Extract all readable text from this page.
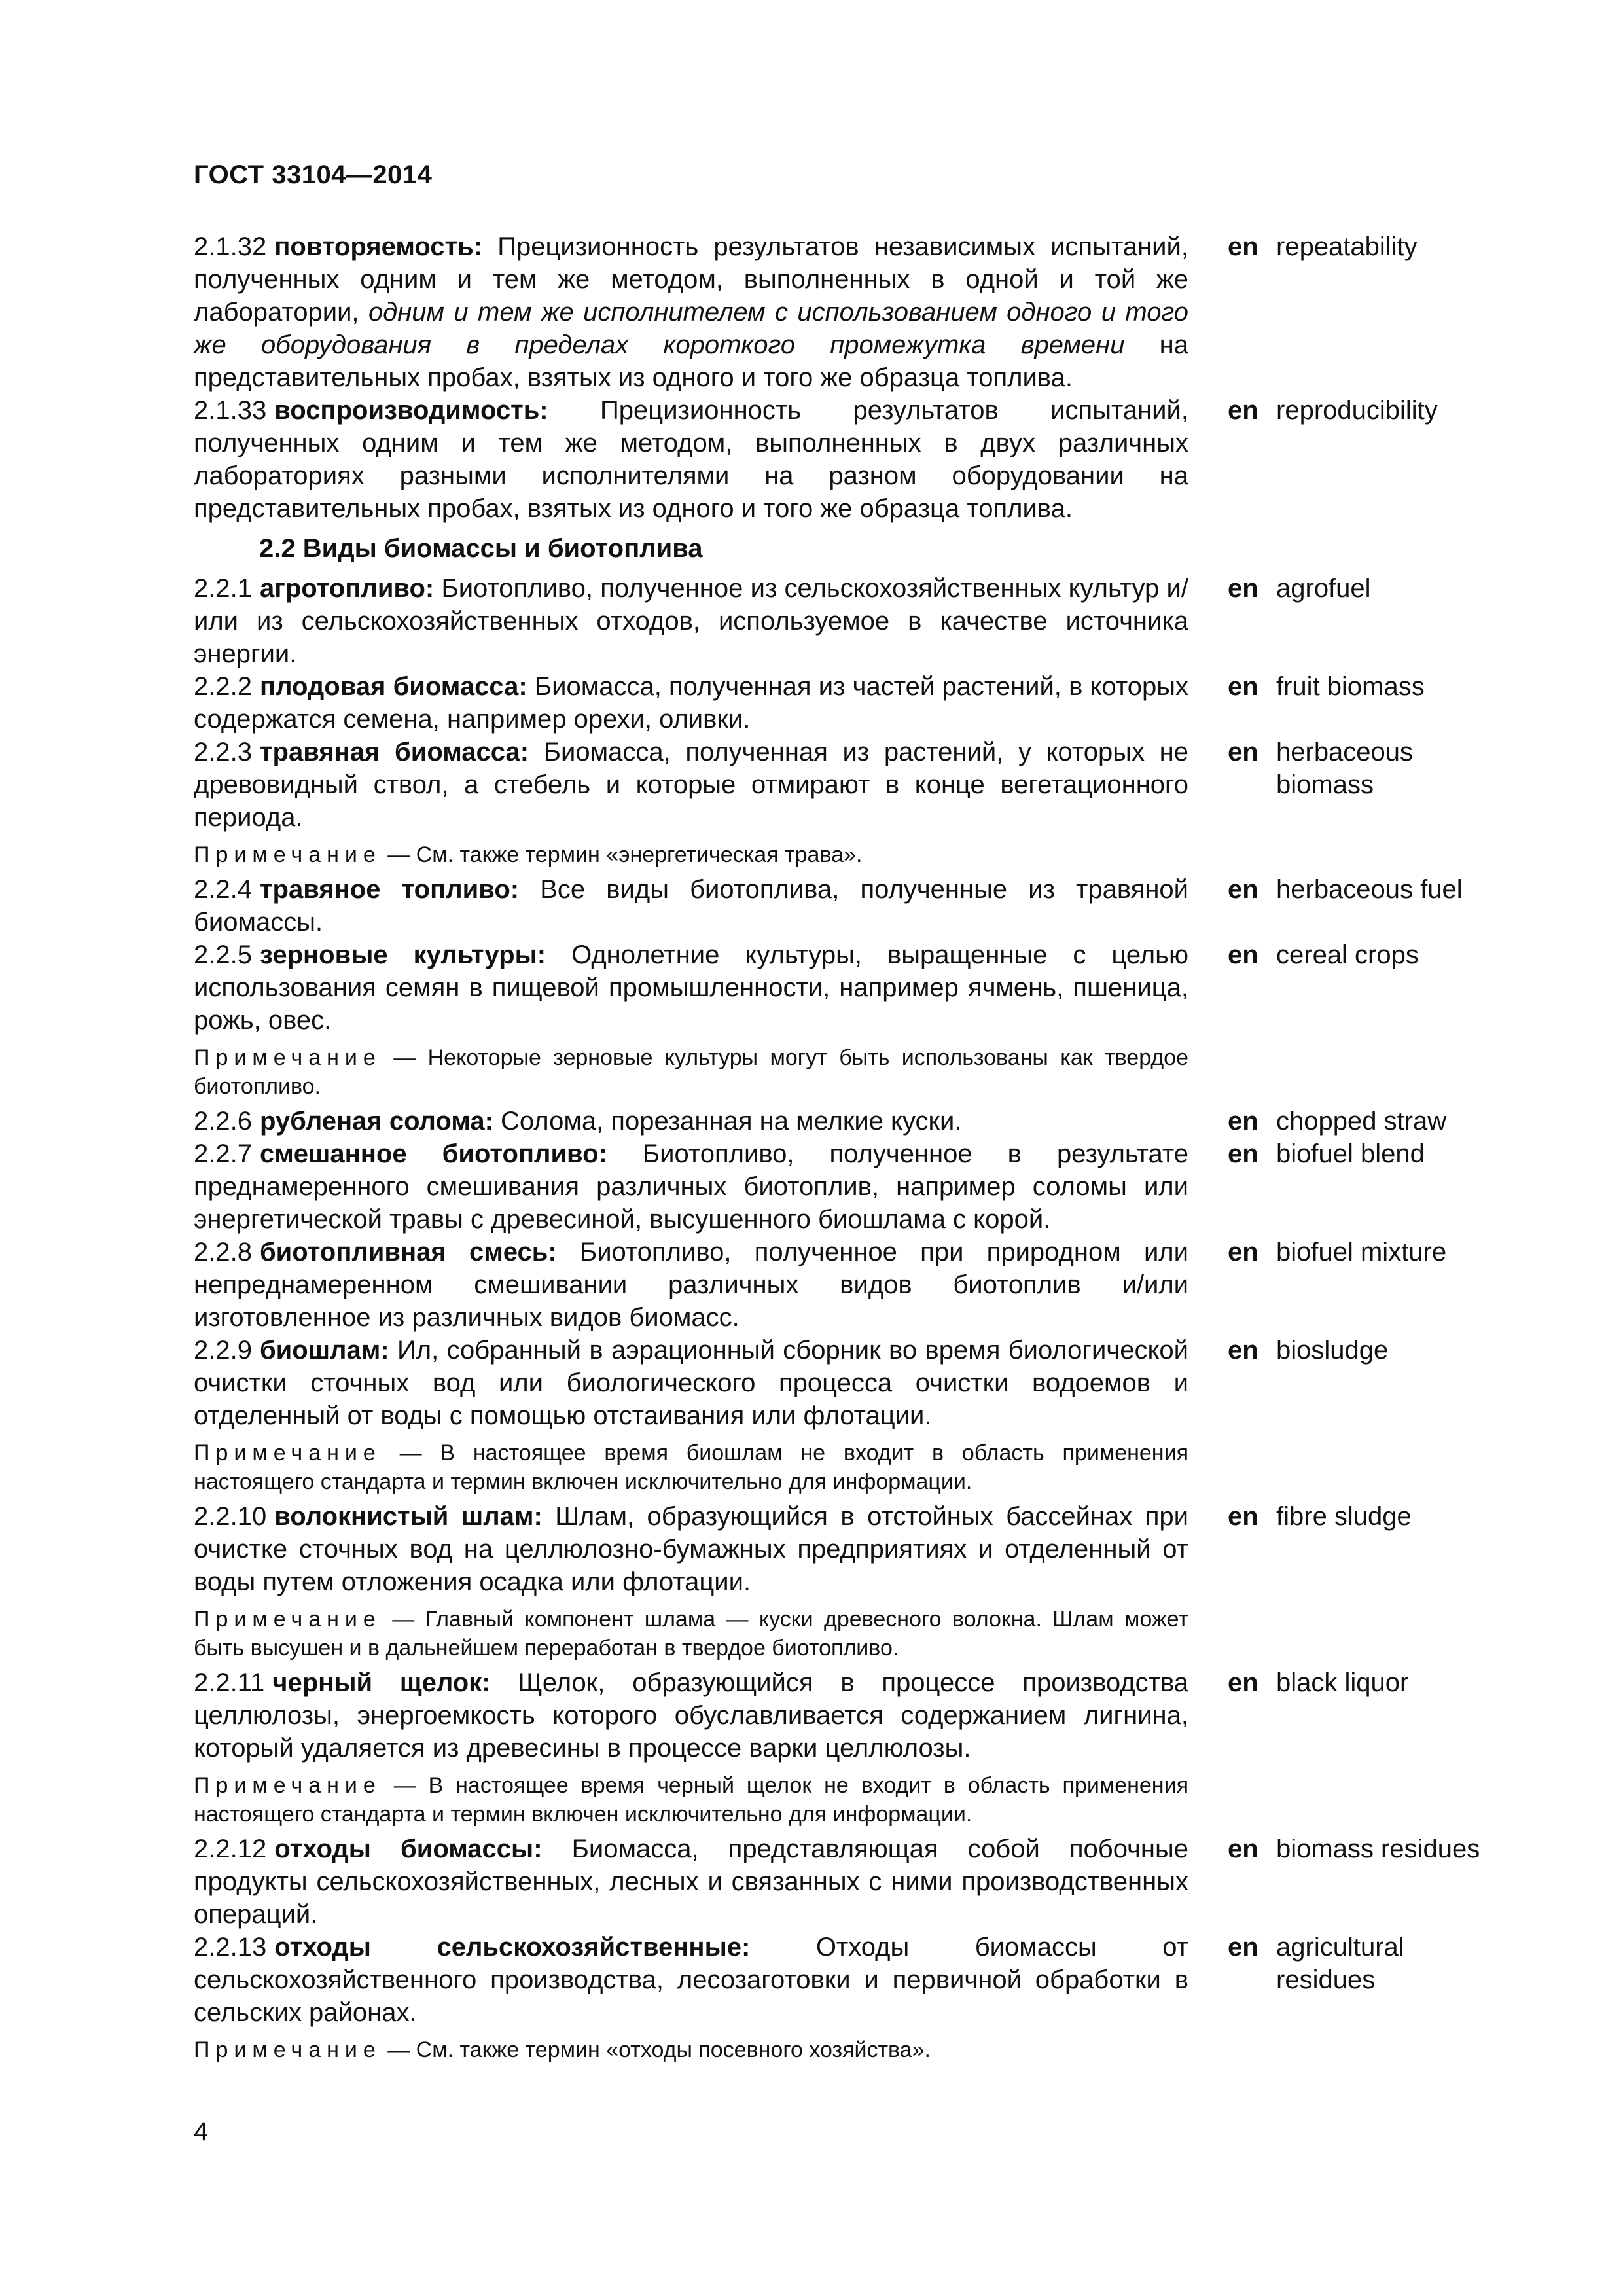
ГОСТ 33104—2014
2.1.32 повторяемость: Прецизионность результатов независимых испытаний, полученных одним и тем же методом, выполненных в одной и той же лаборатории, одним и тем же исполнителем с использованием одного и того же оборудования в пределах короткого промежутка времени на представительных пробах, взятых из одного и того же образца топлива.
en repeatability
2.1.33 воспроизводимость: Прецизионность результатов испытаний, полученных одним и тем же методом, выполненных в двух различных лабораториях разными исполнителями на разном оборудовании на представительных пробах, взятых из одного и того же образца топлива.
en reproducibility
2.2 Виды биомассы и биотоплива
2.2.1 агротопливо: Биотопливо, полученное из сельскохозяйственных культур и/или из сельскохозяйственных отходов, используемое в качестве источника энергии.
en agrofuel
2.2.2 плодовая биомасса: Биомасса, полученная из частей растений, в которых содержатся семена, например орехи, оливки.
en fruit biomass
2.2.3 травяная биомасса: Биомасса, полученная из растений, у которых не древовидный ствол, а стебель и которые отмирают в конце вегетационного периода.
en herbaceous biomass
Примечание — См. также термин «энергетическая трава».
2.2.4 травяное топливо: Все виды биотоплива, полученные из травяной биомассы.
en herbaceous fuel
2.2.5 зерновые культуры: Однолетние культуры, выращенные с целью использования семян в пищевой промышленности, например ячмень, пшеница, рожь, овес.
en cereal crops
Примечание — Некоторые зерновые культуры могут быть использованы как твердое биотопливо.
2.2.6 рубленая солома: Солома, порезанная на мелкие куски.	en chopped straw
2.2.7 смешанное биотопливо: Биотопливо, полученное в результате преднамеренного смешивания различных биотоплив, например соломы или энергетической травы с древесиной, высушенного биошлама с корой.
en biofuel blend
2.2.8 биотопливная смесь: Биотопливо, полученное при природном или непреднамеренном смешивании различных видов биотоплив и/или изготовленное из различных видов биомасс.
en biofuel mixture
2.2.9 биошлам: Ил, собранный в аэрационный сборник во время биологической очистки сточных вод или биологического процесса очистки водоемов и отделенный от воды с помощью отстаивания или флотации.
en biosludge
Примечание — В настоящее время биошлам не входит в область применения настоящего стандарта и термин включен исключительно для информации.
2.2.10 волокнистый шлам: Шлам, образующийся в отстойных бассейнах при очистке сточных вод на целлюлозно-бумажных предприятиях и отделенный от воды путем отложения осадка или флотации.
en fibre sludge
Примечание — Главный компонент шлама — куски древесного волокна. Шлам может быть высушен и в дальнейшем переработан в твердое биотопливо.
2.2.11 черный щелок: Щелок, образующийся в процессе производства целлюлозы, энергоемкость которого обуславливается содержанием лигнина, который удаляется из древесины в процессе варки целлюлозы.
en black liquor
Примечание — В настоящее время черный щелок не входит в область применения настоящего стандарта и термин включен исключительно для информации.
2.2.12 отходы биомассы: Биомасса, представляющая собой побочные продукты сельскохозяйственных, лесных и связанных с ними производственных операций.
en biomass residues
2.2.13 отходы сельскохозяйственные:	Отходы биомассы от сельскохозяйственного производства, лесозаготовки и первичной обработки в сельских районах.
en agricultural residues
Примечание — См. также термин «отходы посевного хозяйства».
4
